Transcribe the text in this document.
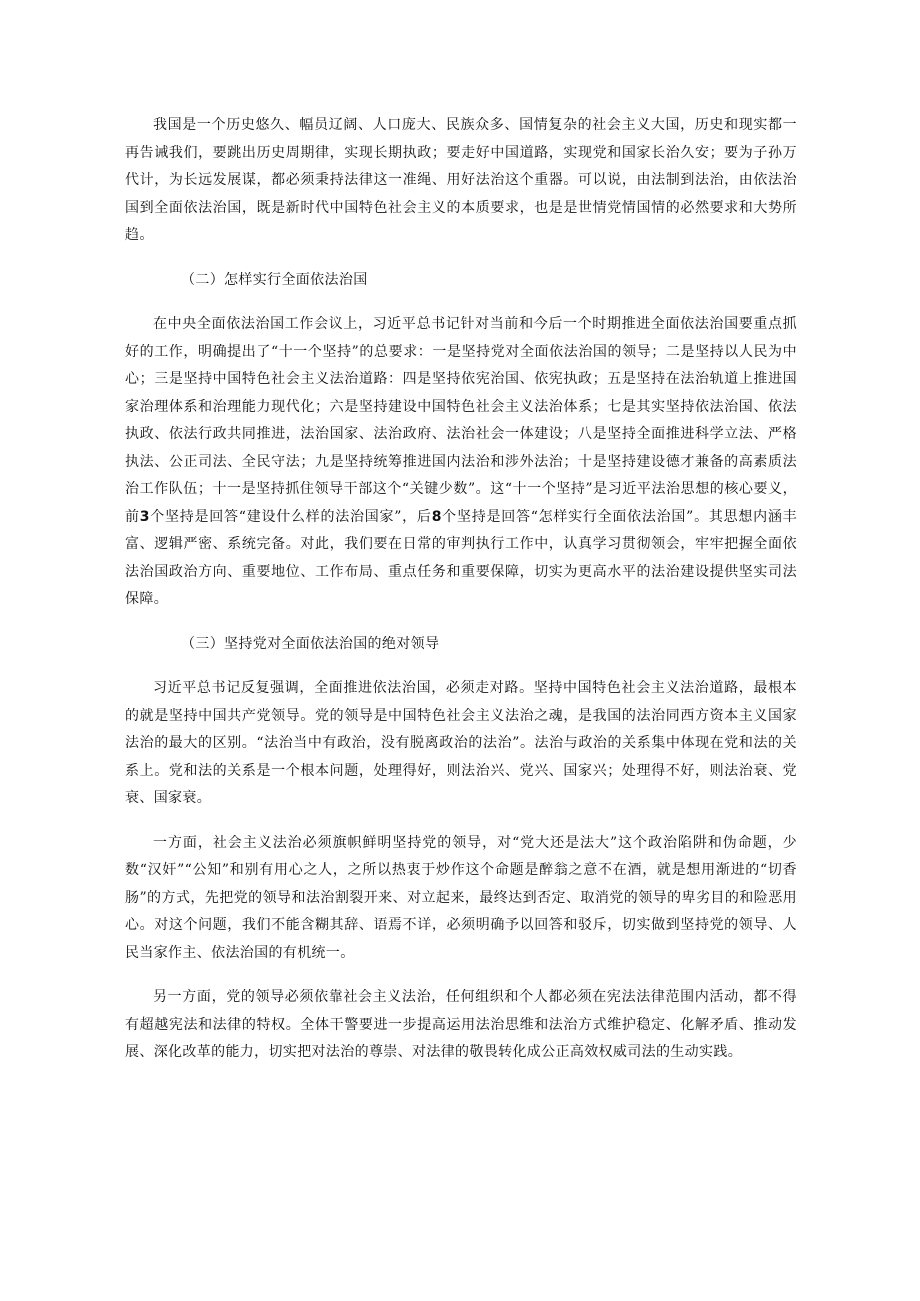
我国是一个历史悠久、幅员辽阔、人口庞大、民族众多、国情复杂的社会主义大国，历史和现实都一再告诫我们，要跳出历史周期律，实现长期执政；要走好中国道路，实现党和国家长治久安；要为子孙万代计，为长远发展谋，都必须秉持法律这一准绳、用好法治这个重器。可以说，由法制到法治，由依法治国到全面依法治国，既是新时代中国特色社会主义的本质要求，也是是世情党情国情的必然要求和大势所趋。

（二）怎样实行全面依法治国

在中央全面依法治国工作会议上，习近平总书记针对当前和今后一个时期推进全面依法治国要重点抓好的工作，明确提出了“十一个坚持”的总要求：一是坚持党对全面依法治国的领导；二是坚持以人民为中心；三是坚持中国特色社会主义法治道路：四是坚持依宪治国、依宪执政；五是坚持在法治轨道上推进国家治理体系和治理能力现代化；六是坚持建设中国特色社会主义法治体系；七是其实坚持依法治国、依法执政、依法行政共同推进，法治国家、法治政府、法治社会一体建设；八是坚持全面推进科学立法、严格执法、公正司法、全民守法；九是坚持统筹推进国内法治和涉外法治；十是坚持建设德才兼备的高素质法治工作队伍；十一是坚持抓住领导干部这个“关键少数”。这“十一个坚持”是习近平法治思想的核心要义，前3个坚持是回答“建设什么样的法治国家”，后8个坚持是回答“怎样实行全面依法治国”。其思想内涵丰富、逻辑严密、系统完备。对此，我们要在日常的审判执行工作中，认真学习贯彻领会，牢牢把握全面依法治国政治方向、重要地位、工作布局、重点任务和重要保障，切实为更高水平的法治建设提供坚实司法保障。

（三）坚持党对全面依法治国的绝对领导

习近平总书记反复强调，全面推进依法治国，必须走对路。坚持中国特色社会主义法治道路，最根本的就是坚持中国共产党领导。党的领导是中国特色社会主义法治之魂，是我国的法治同西方资本主义国家法治的最大的区别。“法治当中有政治，没有脱离政治的法治”。法治与政治的关系集中体现在党和法的关系上。党和法的关系是一个根本问题，处理得好，则法治兴、党兴、国家兴；处理得不好，则法治衰、党衰、国家衰。

一方面，社会主义法治必须旗帜鲜明坚持党的领导，对“党大还是法大”这个政治陷阱和伪命题，少数“汉奸”“公知”和别有用心之人，之所以热衷于炒作这个命题是醉翁之意不在酒，就是想用渐进的“切香肠”的方式，先把党的领导和法治割裂开来、对立起来，最终达到否定、取消党的领导的卑劣目的和险恶用心。对这个问题，我们不能含糊其辞、语焉不详，必须明确予以回答和驳斥，切实做到坚持党的领导、人民当家作主、依法治国的有机统一。

另一方面，党的领导必须依靠社会主义法治，任何组织和个人都必须在宪法法律范围内活动，都不得有超越宪法和法律的特权。全体干警要进一步提高运用法治思维和法治方式维护稳定、化解矛盾、推动发展、深化改革的能力，切实把对法治的尊崇、对法律的敬畏转化成公正高效权威司法的生动实践。
